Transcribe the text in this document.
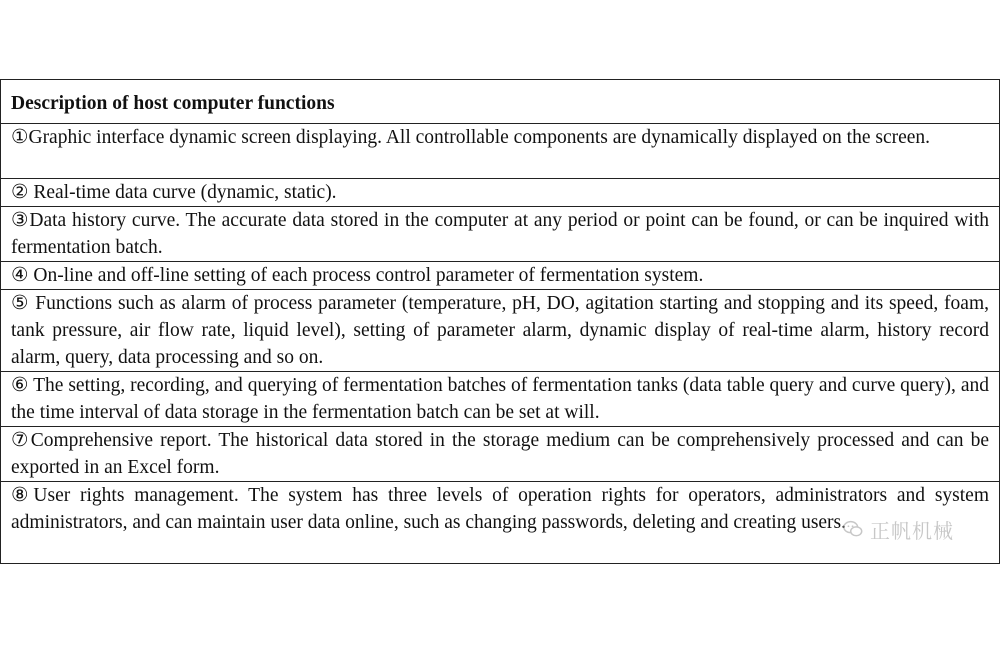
Description of host computer functions
①Graphic interface dynamic screen displaying. All controllable components are dynamically displayed on the screen.
② Real-time data curve (dynamic, static).
③Data history curve. The accurate data stored in the computer at any period or point can be found, or can be inquired with fermentation batch.
④ On-line and off-line setting of each process control parameter of fermentation system.
⑤ Functions such as alarm of process parameter (temperature, pH, DO, agitation starting and stopping and its speed, foam, tank pressure, air flow rate, liquid level), setting of parameter alarm, dynamic display of real-time alarm, history record alarm, query, data processing and so on.
⑥ The setting, recording, and querying of fermentation batches of fermentation tanks (data table query and curve query), and the time interval of data storage in the fermentation batch can be set at will.
⑦Comprehensive report. The historical data stored in the storage medium can be comprehensively processed and can be exported in an Excel form.
⑧User rights management. The system has three levels of operation rights for operators, administrators and system administrators, and can maintain user data online, such as changing passwords, deleting and creating users. 正帆机械
